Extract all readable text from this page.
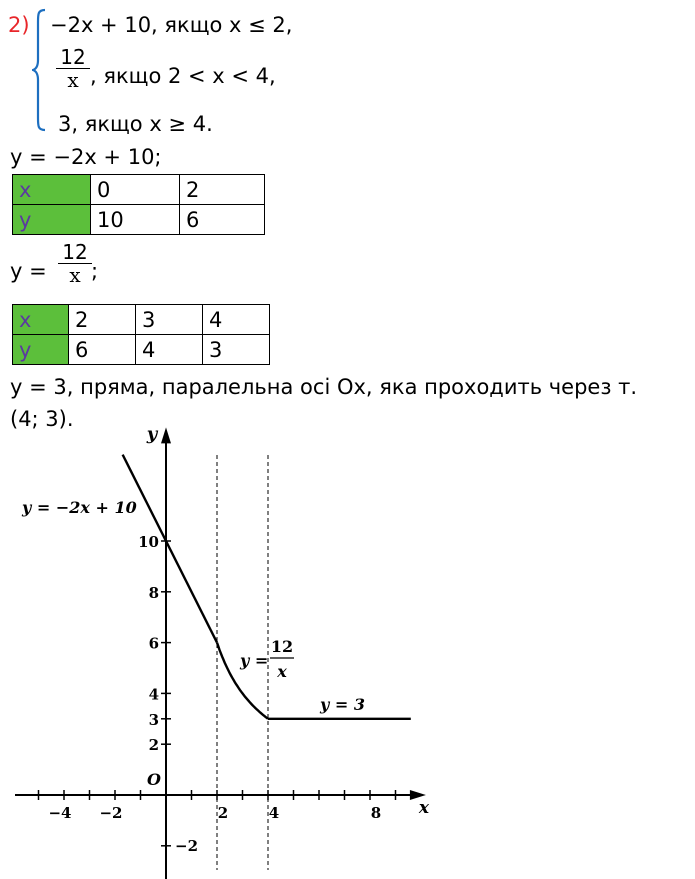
2) −2x + 10, якщо x ≤ 2,
12
x , якщо 2 < x < 4,
3, якщо x ≥ 4.
y = −2x + 10;
x	0	2
y	10	6
y =
12
x ;
x	2	3	4
y	6	4	3
y = 3, пряма, паралельна осі Ох, яка проходить через т.
(4; 3).
−4 −2	2	4	8
10
8
6
4
3
2
−2
x
y
O
y = −2x + 10
y =
12
x
y = 3
